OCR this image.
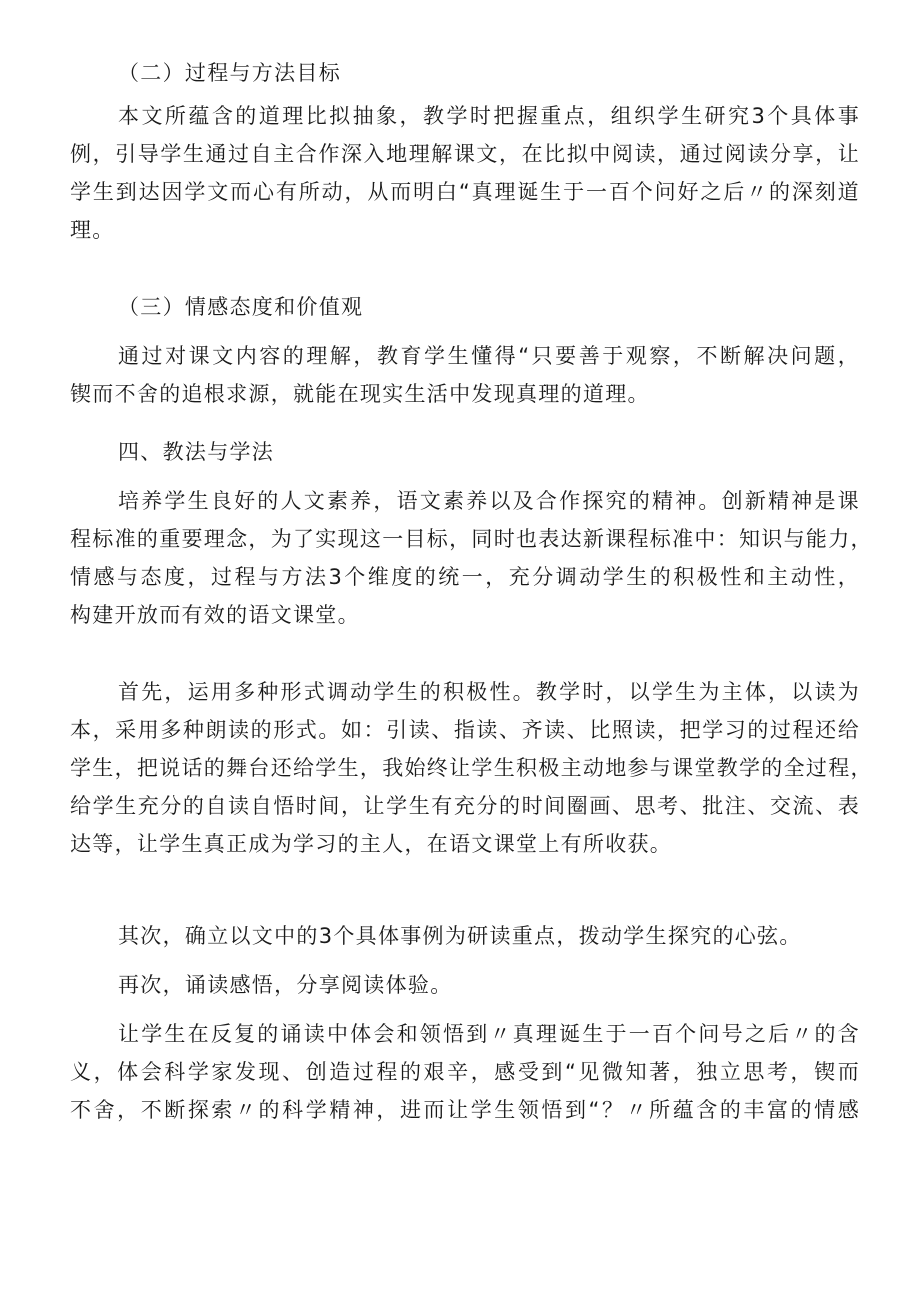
（二）过程与方法目标

本文所蕴含的道理比拟抽象，教学时把握重点，组织学生研究3个具体事
例，引导学生通过自主合作深入地理解课文，在比拟中阅读，通过阅读分享，让
学生到达因学文而心有所动，从而明白“真理诞生于一百个问好之后〃的深刻道
理。

（三）情感态度和价值观

通过对课文内容的理解，教育学生懂得“只要善于观察，不断解决问题，
锲而不舍的追根求源，就能在现实生活中发现真理的道理。

四、教法与学法

培养学生良好的人文素养，语文素养以及合作探究的精神。创新精神是课
程标准的重要理念，为了实现这一目标，同时也表达新课程标准中：知识与能力，
情感与态度，过程与方法3个维度的统一，充分调动学生的积极性和主动性，
构建开放而有效的语文课堂。
首先，运用多种形式调动学生的积极性。教学时，以学生为主体，以读为
本，采用多种朗读的形式。如：引读、指读、齐读、比照读，把学习的过程还给
学生，把说话的舞台还给学生，我始终让学生积极主动地参与课堂教学的全过程，
给学生充分的自读自悟时间，让学生有充分的时间圈画、思考、批注、交流、表
达等，让学生真正成为学习的主人，在语文课堂上有所收获。
其次，确立以文中的3个具体事例为研读重点，拨动学生探究的心弦。
再次，诵读感悟，分享阅读体验。
让学生在反复的诵读中体会和领悟到〃真理诞生于一百个问号之后〃的含
义，体会科学家发现、创造过程的艰辛，感受到“见微知著，独立思考，锲而
不舍，不断探索〃的科学精神，进而让学生领悟到“？〃所蕴含的丰富的情感
